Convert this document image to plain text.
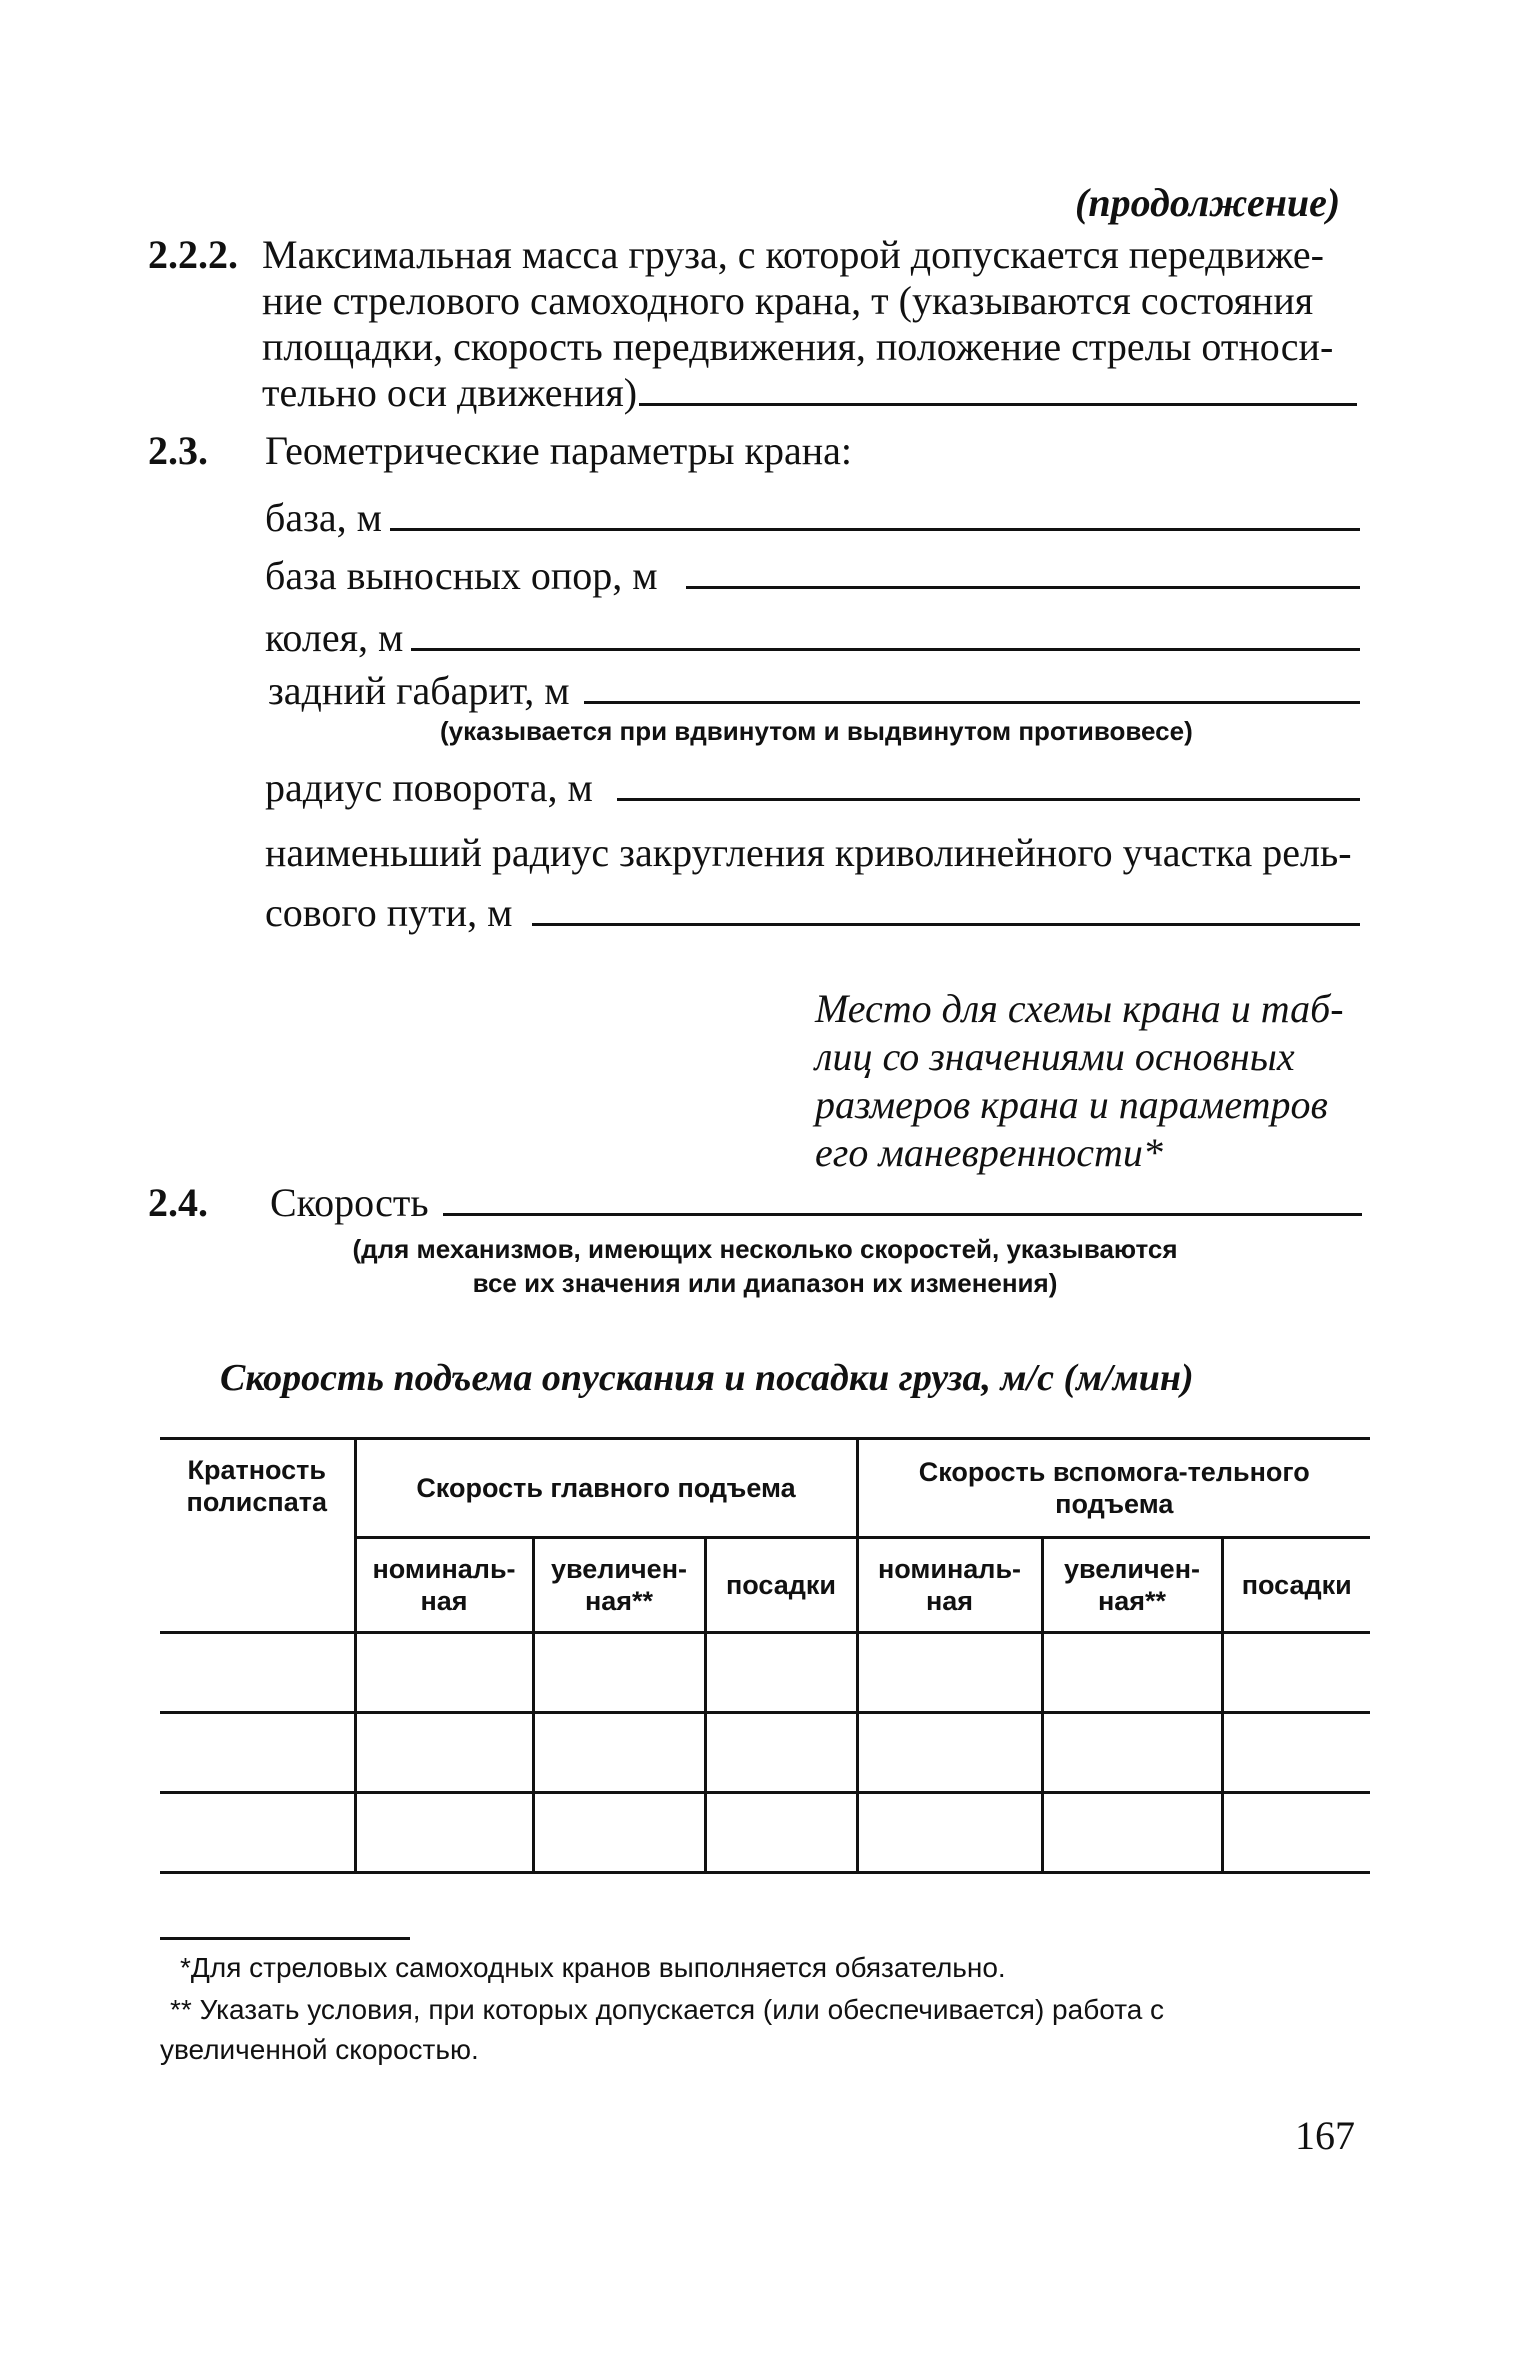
(продолжение)
2.2.2. Максимальная масса груза, с которой допускается передвиже-
ние стрелового самоходного крана, т (указываются состояния
площадки, скорость передвижения, положение стрелы относи-
тельно оси движения)
2.3. Геометрические параметры крана:
база, м
база выносных опор, м
колея, м
задний габарит, м
(указывается при вдвинутом и выдвинутом противовесе)
радиус поворота, м
наименьший радиус закругления криволинейного участка рель-
сового пути, м
Место для схемы крана и таб-
лиц со значениями основных
размеров крана и параметров
его маневренности*
2.4. Скорость
(для механизмов, имеющих несколько скоростей, указываются
все их значения или диапазон их изменения)
Скорость подъема опускания и посадки груза, м/с (м/мин)
Кратность полиспата	Скорость главного подъема			Скорость вспомога-тельного подъема		
	номиналь-ная	увеличен-ная**	посадки	номиналь-ная	увеличен-ная**	посадки

*Для стреловых самоходных кранов выполняется обязательно.
** Указать условия, при которых допускается (или обеспечивается) работа с
увеличенной скоростью.
167
